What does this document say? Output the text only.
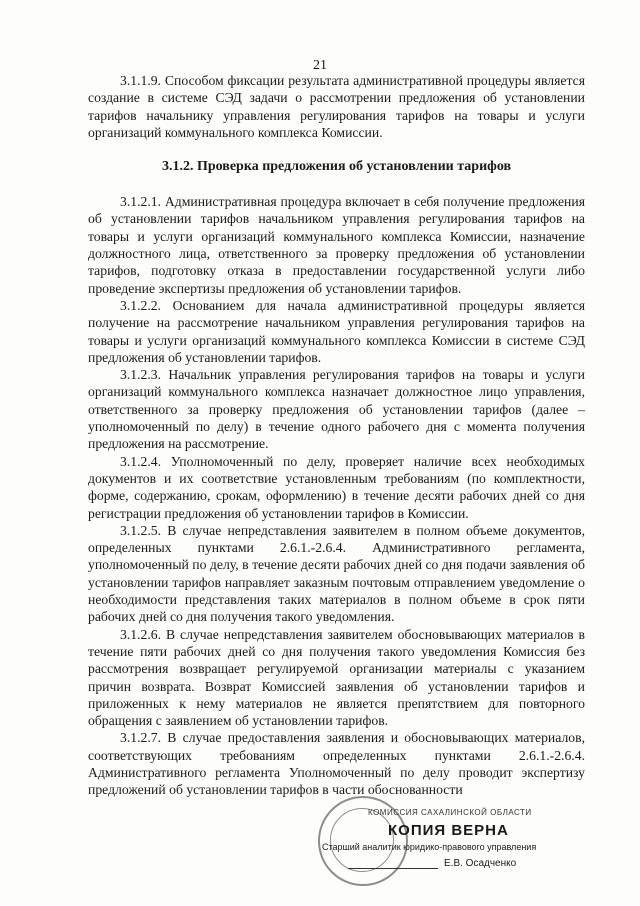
21

3.1.1.9. Способом фиксации результата административной процедуры является создание в системе СЭД задачи о рассмотрении предложения об установлении тарифов начальнику управления регулирования тарифов на товары и услуги организаций коммунального комплекса Комиссии.

3.1.2. Проверка предложения об установлении тарифов

3.1.2.1. Административная процедура включает в себя получение предложения об установлении тарифов начальником управления регулирования тарифов на товары и услуги организаций коммунального комплекса Комиссии, назначение должностного лица, ответственного за проверку предложения об установлении тарифов, подготовку отказа в предоставлении государственной услуги либо проведение экспертизы предложения об установлении тарифов.

3.1.2.2. Основанием для начала административной процедуры является получение на рассмотрение начальником управления регулирования тарифов на товары и услуги организаций коммунального комплекса Комиссии в системе СЭД предложения об установлении тарифов.

3.1.2.3. Начальник управления регулирования тарифов на товары и услуги организаций коммунального комплекса назначает должностное лицо управления, ответственного за проверку предложения об установлении тарифов (далее – уполномоченный по делу) в течение одного рабочего дня с момента получения предложения на рассмотрение.

3.1.2.4. Уполномоченный по делу, проверяет наличие всех необходимых документов и их соответствие установленным требованиям (по комплектности, форме, содержанию, срокам, оформлению) в течение десяти рабочих дней со дня регистрации предложения об установлении тарифов в Комиссии.

3.1.2.5. В случае непредставления заявителем в полном объеме документов, определенных пунктами 2.6.1.-2.6.4. Административного регламента, уполномоченный по делу, в течение десяти рабочих дней со дня подачи заявления об установлении тарифов направляет заказным почтовым отправлением уведомление о необходимости представления таких материалов в полном объеме в срок пяти рабочих дней со дня получения такого уведомления.

3.1.2.6. В случае непредставления заявителем обосновывающих материалов в течение пяти рабочих дней со дня получения такого уведомления Комиссия без рассмотрения возвращает регулируемой организации материалы с указанием причин возврата. Возврат Комиссией заявления об установлении тарифов и приложенных к нему материалов не является препятствием для повторного обращения с заявлением об установлении тарифов.

3.1.2.7. В случае предоставления заявления и обосновывающих материалов, соответствующих требованиям определенных пунктами 2.6.1.-2.6.4. Административного регламента Уполномоченный по делу проводит экспертизу предложений об установлении тарифов в части обоснованности

КОМИССИЯ САХАЛИНСКОЙ ОБЛАСТИ
КОПИЯ ВЕРНА
Старший аналитик юридико-правового управления
Е.В. Осадченко
